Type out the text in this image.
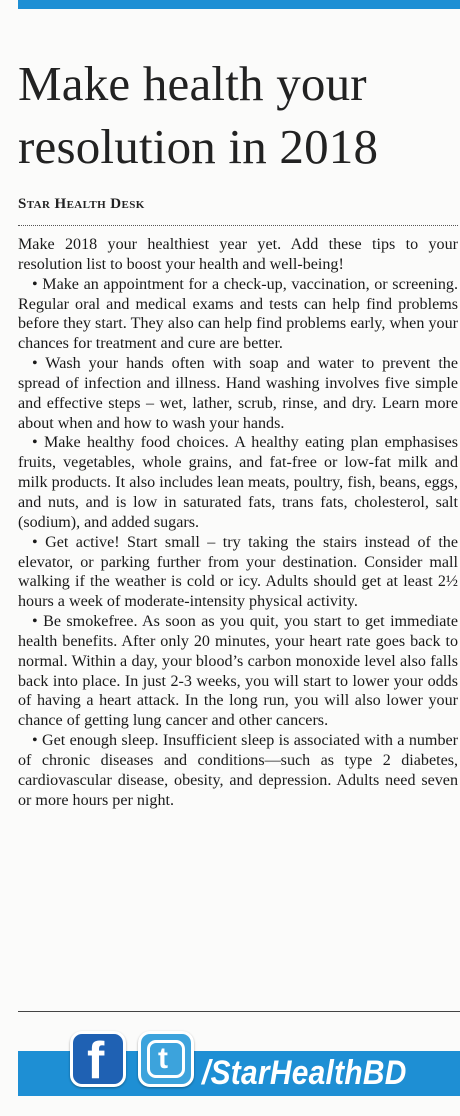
Make health your resolution in 2018
Star Health Desk

Make 2018 your healthiest year yet. Add these tips to your resolution list to boost your health and well-being!

• Make an appointment for a check-up, vaccination, or screening. Regular oral and medical exams and tests can help find problems before they start. They also can help find problems early, when your chances for treatment and cure are better.

• Wash your hands often with soap and water to prevent the spread of infection and illness. Hand washing involves five simple and effective steps – wet, lather, scrub, rinse, and dry. Learn more about when and how to wash your hands.

• Make healthy food choices. A healthy eating plan emphasises fruits, vegetables, whole grains, and fat-free or low-fat milk and milk products. It also includes lean meats, poultry, fish, beans, eggs, and nuts, and is low in saturated fats, trans fats, cholesterol, salt (sodium), and added sugars.

• Get active! Start small – try taking the stairs instead of the elevator, or parking further from your destination. Consider mall walking if the weather is cold or icy. Adults should get at least 2½ hours a week of moderate-intensity physical activity.

• Be smokefree. As soon as you quit, you start to get immediate health benefits. After only 20 minutes, your heart rate goes back to normal. Within a day, your blood’s carbon monoxide level also falls back into place. In just 2-3 weeks, you will start to lower your odds of having a heart attack. In the long run, you will also lower your chance of getting lung cancer and other cancers.

• Get enough sleep. Insufficient sleep is associated with a number of chronic diseases and conditions—such as type 2 diabetes, cardiovascular disease, obesity, and depression. Adults need seven or more hours per night.

f t /StarHealthBD
